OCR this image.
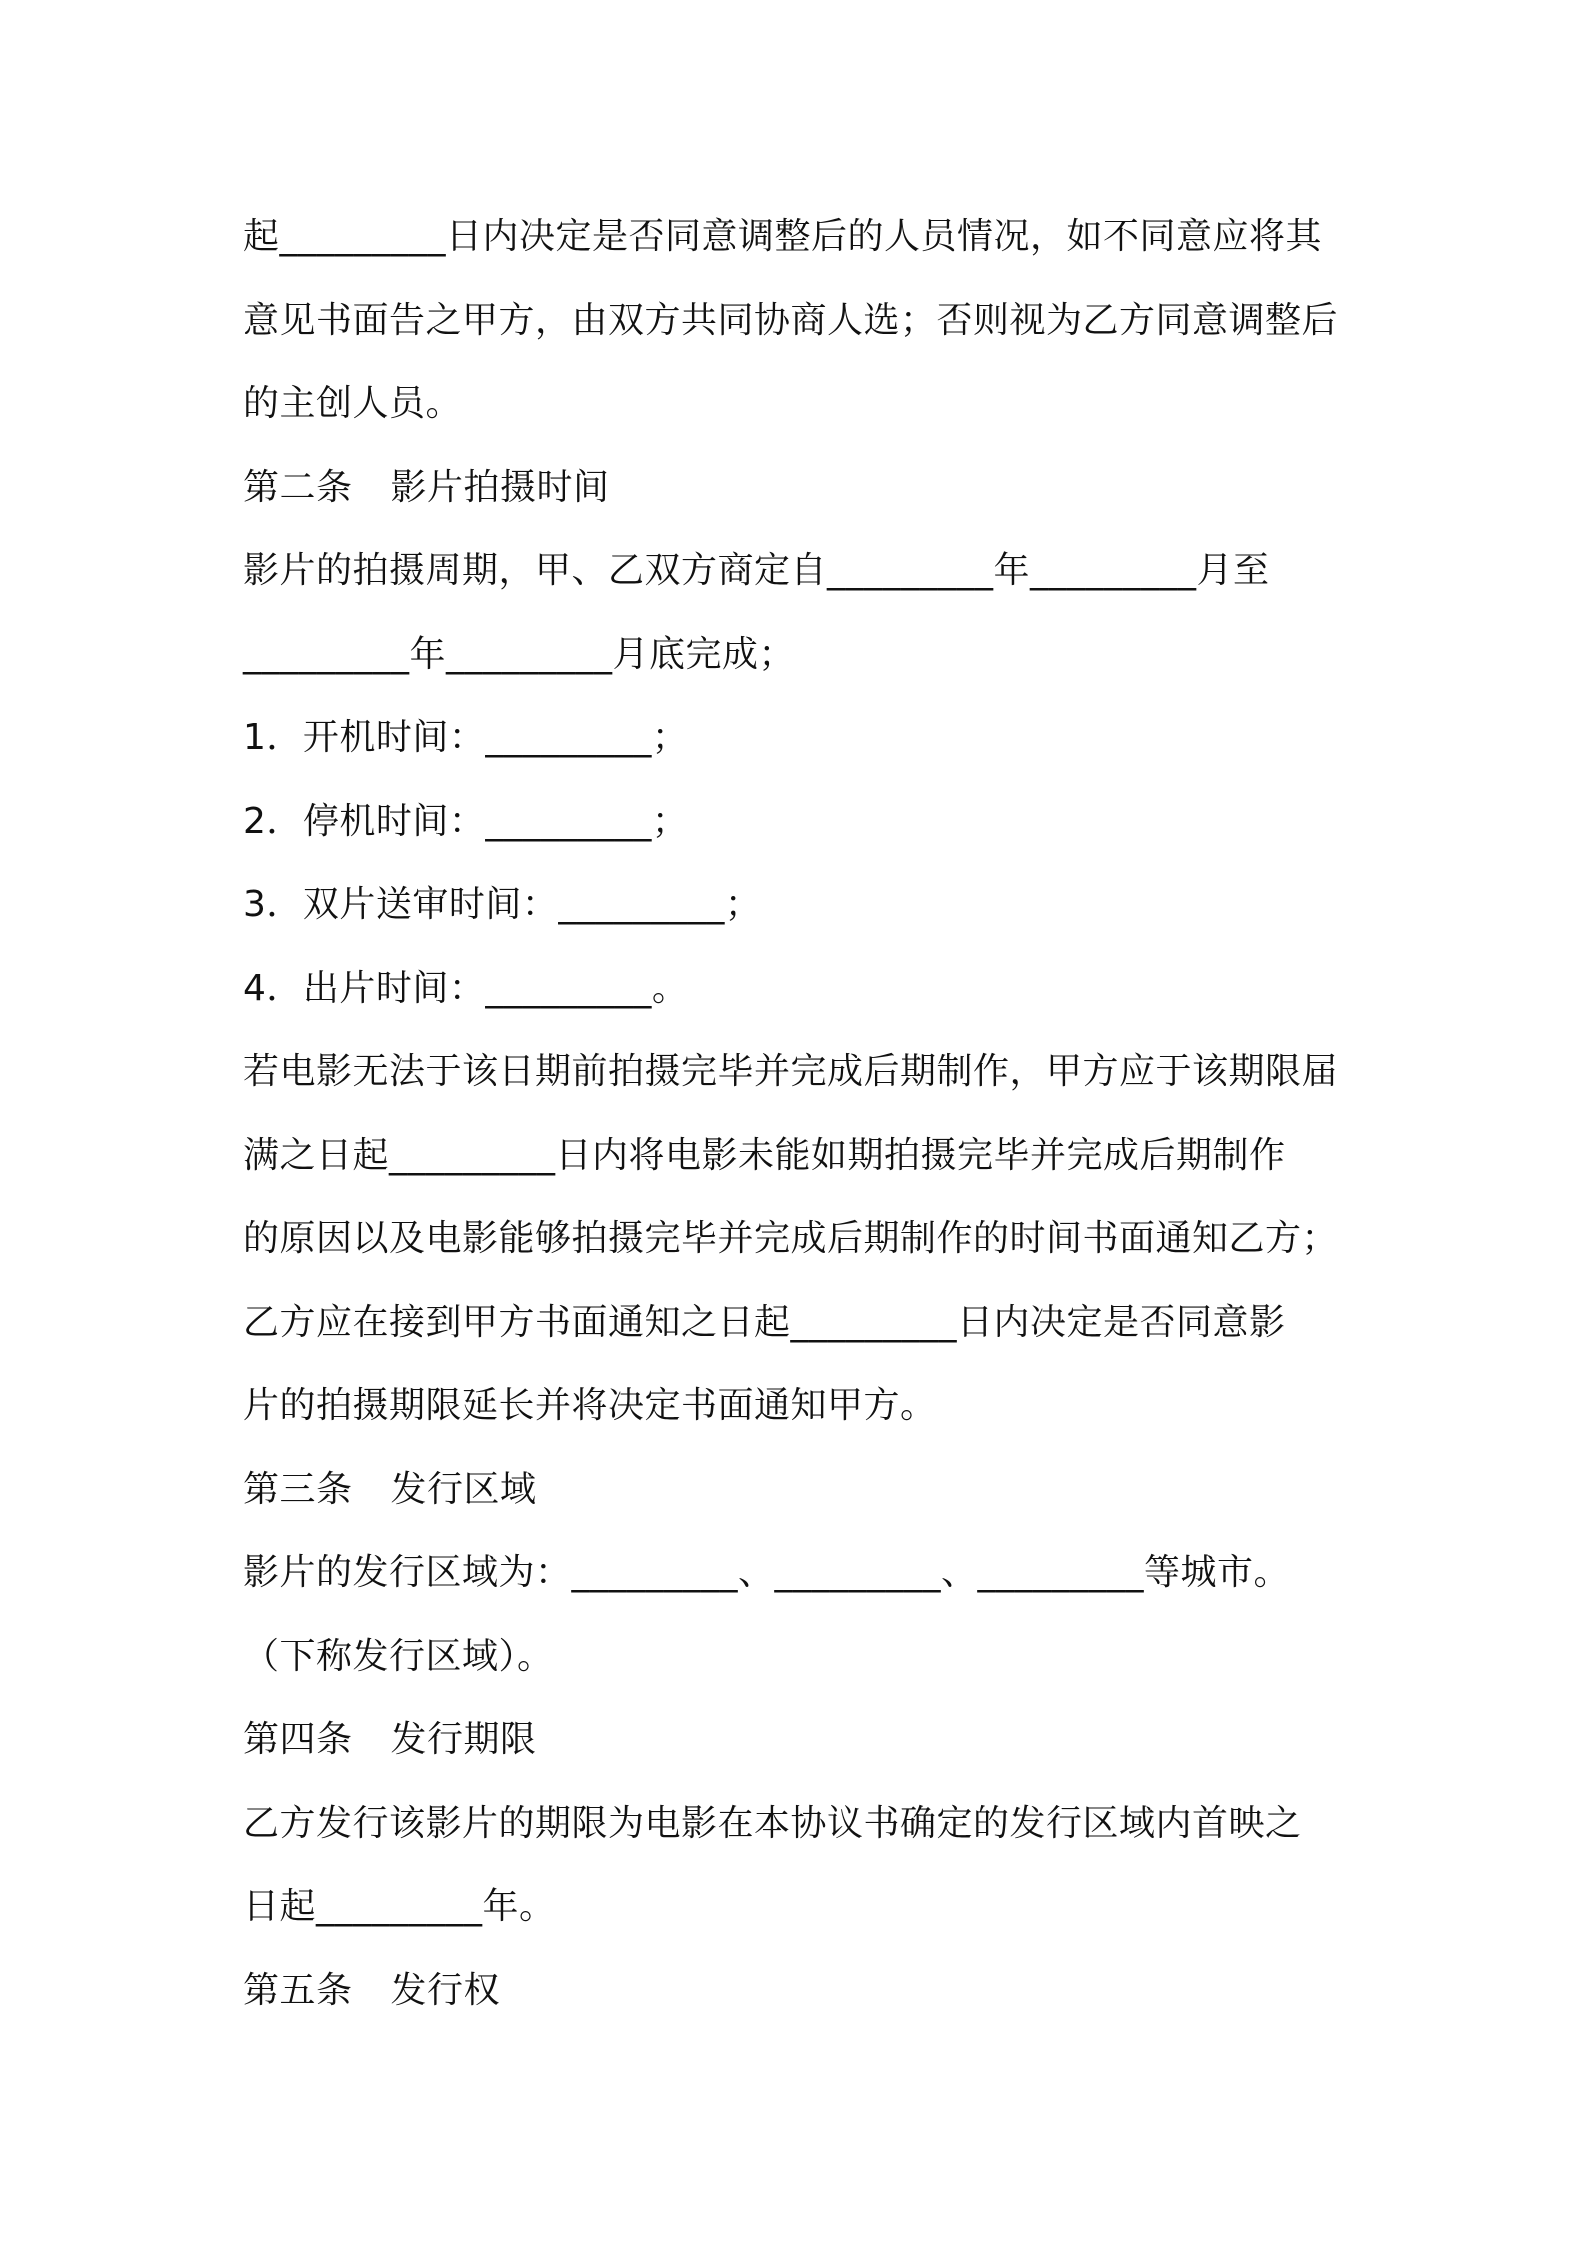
起_________日内决定是否同意调整后的人员情况，如不同意应将其
意见书面告之甲方，由双方共同协商人选；否则视为乙方同意调整后
的主创人员。
第二条 影片拍摄时间
影片的拍摄周期，甲、乙双方商定自_________年_________月至
_________年_________月底完成；
1．开机时间：_________；
2．停机时间：_________；
3．双片送审时间：_________；
4．出片时间：_________。
若电影无法于该日期前拍摄完毕并完成后期制作，甲方应于该期限届
满之日起_________日内将电影未能如期拍摄完毕并完成后期制作
的原因以及电影能够拍摄完毕并完成后期制作的时间书面通知乙方；
乙方应在接到甲方书面通知之日起_________日内决定是否同意影
片的拍摄期限延长并将决定书面通知甲方。
第三条 发行区域
影片的发行区域为：_________、_________、_________等城市。
（下称发行区域）。
第四条 发行期限
乙方发行该影片的期限为电影在本协议书确定的发行区域内首映之
日起_________年。
第五条 发行权
